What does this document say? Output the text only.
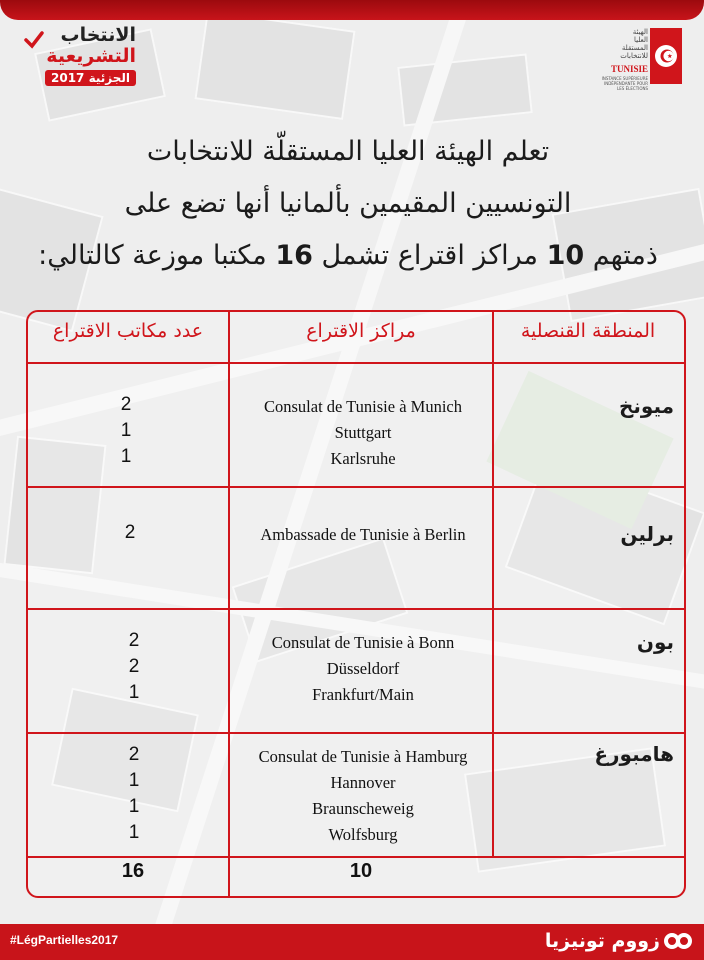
الانتخاب
التشريعية
الجزئية 2017
الهيئة
العليا
المستقلة
للانتخابات
TUNISIE
INSTANCE SUPÉRIEURE INDÉPENDANTE POUR LES ÉLECTIONS
تعلم الهيئة العليا المستقلّة للانتخابات
التونسيين المقيمين بألمانيا أنها تضع على
ذمتهم 10 مراكز اقتراع تشمل 16 مكتبا موزعة كالتالي:
المنطقة القنصلية
مراكز الاقتراع
عدد مكاتب الاقتراع
ميونخ
Consulat de Tunisie à Munich
Stuttgart
Karlsruhe
2
1
1
برلين
Ambassade de Tunisie à Berlin
2
بون
Consulat de Tunisie à Bonn
Düsseldorf
Frankfurt/Main
2
2
1
هامبورغ
Consulat de Tunisie à Hamburg
Hannover
Braunscheweig
Wolfsburg
2
1
1
1
10
16
#LégPartielles2017	زووم تونيزيا
